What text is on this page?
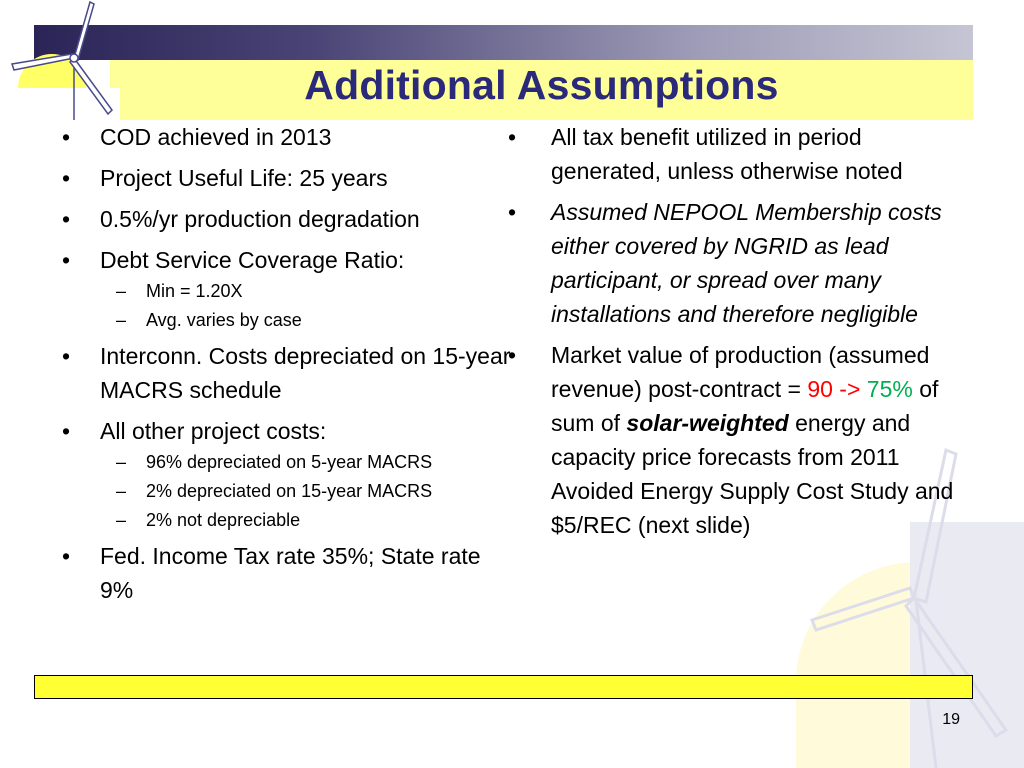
Additional Assumptions
•	COD achieved in 2013
•	Project Useful Life: 25 years
•	0.5%/yr production degradation
•	Debt Service Coverage Ratio:
– Min = 1.20X
– Avg. varies by case
•	Interconn. Costs depreciated on 15-year MACRS schedule
•	All other project costs:
– 96% depreciated on 5-year MACRS
– 2% depreciated on 15-year MACRS
– 2% not depreciable
•	Fed. Income Tax rate 35%; State rate 9%
•	All tax benefit utilized in period generated, unless otherwise noted
•	Assumed NEPOOL Membership costs either covered by NGRID as lead participant, or spread over many installations and therefore negligible
•	Market value of production (assumed revenue) post-contract = 90 -> 75% of sum of solar-weighted energy and capacity price forecasts from 2011 Avoided Energy Supply Cost Study and $5/REC (next slide)
19
